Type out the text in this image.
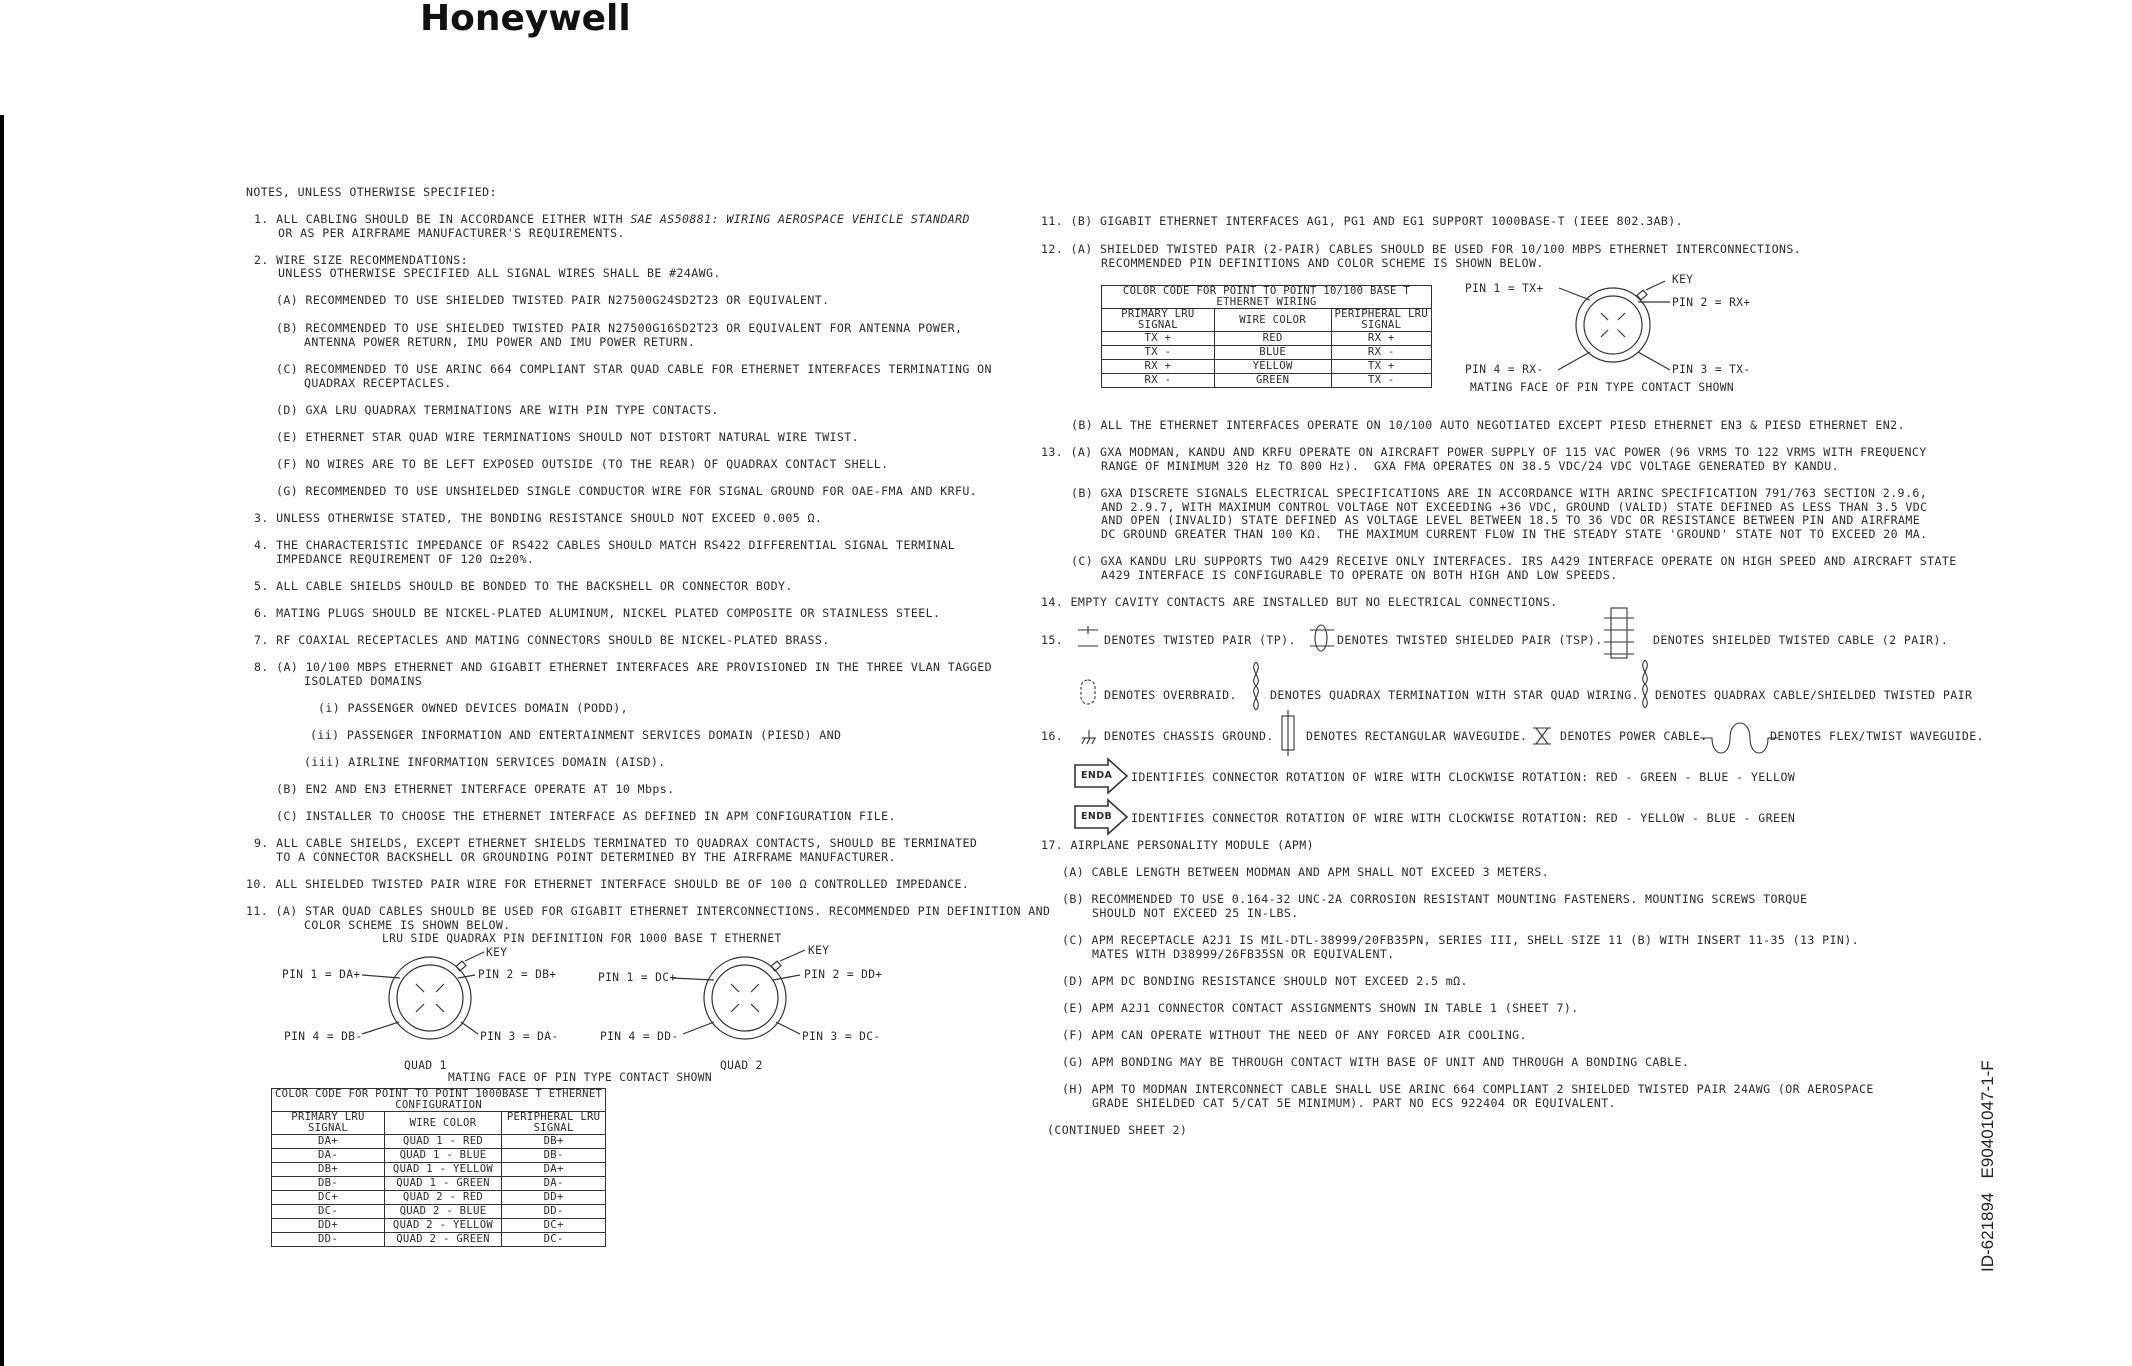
Honeywell
ID-621894   E90401047-1-F
NOTES, UNLESS OTHERWISE SPECIFIED:
1. ALL CABLING SHOULD BE IN ACCORDANCE EITHER WITH SAE AS50881: WIRING AEROSPACE VEHICLE STANDARD
OR AS PER AIRFRAME MANUFACTURER'S REQUIREMENTS.
2. WIRE SIZE RECOMMENDATIONS:
UNLESS OTHERWISE SPECIFIED ALL SIGNAL WIRES SHALL BE #24AWG.
(A) RECOMMENDED TO USE SHIELDED TWISTED PAIR N27500G24SD2T23 OR EQUIVALENT.
(B) RECOMMENDED TO USE SHIELDED TWISTED PAIR N27500G16SD2T23 OR EQUIVALENT FOR ANTENNA POWER,
ANTENNA POWER RETURN, IMU POWER AND IMU POWER RETURN.
(C) RECOMMENDED TO USE ARINC 664 COMPLIANT STAR QUAD CABLE FOR ETHERNET INTERFACES TERMINATING ON
QUADRAX RECEPTACLES.
(D) GXA LRU QUADRAX TERMINATIONS ARE WITH PIN TYPE CONTACTS.
(E) ETHERNET STAR QUAD WIRE TERMINATIONS SHOULD NOT DISTORT NATURAL WIRE TWIST.
(F) NO WIRES ARE TO BE LEFT EXPOSED OUTSIDE (TO THE REAR) OF QUADRAX CONTACT SHELL.
(G) RECOMMENDED TO USE UNSHIELDED SINGLE CONDUCTOR WIRE FOR SIGNAL GROUND FOR OAE-FMA AND KRFU.
3. UNLESS OTHERWISE STATED, THE BONDING RESISTANCE SHOULD NOT EXCEED 0.005 Ω.
4. THE CHARACTERISTIC IMPEDANCE OF RS422 CABLES SHOULD MATCH RS422 DIFFERENTIAL SIGNAL TERMINAL
IMPEDANCE REQUIREMENT OF 120 Ω±20%.
5. ALL CABLE SHIELDS SHOULD BE BONDED TO THE BACKSHELL OR CONNECTOR BODY.
6. MATING PLUGS SHOULD BE NICKEL-PLATED ALUMINUM, NICKEL PLATED COMPOSITE OR STAINLESS STEEL.
7. RF COAXIAL RECEPTACLES AND MATING CONNECTORS SHOULD BE NICKEL-PLATED BRASS.
8. (A) 10/100 MBPS ETHERNET AND GIGABIT ETHERNET INTERFACES ARE PROVISIONED IN THE THREE VLAN TAGGED
ISOLATED DOMAINS
(i) PASSENGER OWNED DEVICES DOMAIN (PODD),
(ii) PASSENGER INFORMATION AND ENTERTAINMENT SERVICES DOMAIN (PIESD) AND
(iii) AIRLINE INFORMATION SERVICES DOMAIN (AISD).
(B) EN2 AND EN3 ETHERNET INTERFACE OPERATE AT 10 Mbps.
(C) INSTALLER TO CHOOSE THE ETHERNET INTERFACE AS DEFINED IN APM CONFIGURATION FILE.
9. ALL CABLE SHIELDS, EXCEPT ETHERNET SHIELDS TERMINATED TO QUADRAX CONTACTS, SHOULD BE TERMINATED
TO A CONNECTOR BACKSHELL OR GROUNDING POINT DETERMINED BY THE AIRFRAME MANUFACTURER.
10. ALL SHIELDED TWISTED PAIR WIRE FOR ETHERNET INTERFACE SHOULD BE OF 100 Ω CONTROLLED IMPEDANCE.
11. (A) STAR QUAD CABLES SHOULD BE USED FOR GIGABIT ETHERNET INTERCONNECTIONS. RECOMMENDED PIN DEFINITION AND
COLOR SCHEME IS SHOWN BELOW.
LRU SIDE QUADRAX PIN DEFINITION FOR 1000 BASE T ETHERNET
KEY
PIN 1 = DA+	PIN 2 = DB+
PIN 4 = DB-	PIN 3 = DA-
QUAD 1
KEY
PIN 1 = DC+	PIN 2 = DD+
PIN 4 = DD-	PIN 3 = DC-
QUAD 2
MATING FACE OF PIN TYPE CONTACT SHOWN
COLOR CODE FOR POINT TO POINT 1000BASE T ETHERNET
CONFIGURATION		
PRIMARY LRU
SIGNAL	WIRE COLOR	PERIPHERAL LRU
SIGNAL
DA+	QUAD 1 - RED	DB+
DA-	QUAD 1 - BLUE	DB-
DB+	QUAD 1 - YELLOW	DA+
DB-	QUAD 1 - GREEN	DA-
DC+	QUAD 2 - RED	DD+
DC-	QUAD 2 - BLUE	DD-
DD+	QUAD 2 - YELLOW	DC+
DD-	QUAD 2 - GREEN	DC-
11. (B) GIGABIT ETHERNET INTERFACES AG1, PG1 AND EG1 SUPPORT 1000BASE-T (IEEE 802.3AB).
12. (A) SHIELDED TWISTED PAIR (2-PAIR) CABLES SHOULD BE USED FOR 10/100 MBPS ETHERNET INTERCONNECTIONS.
RECOMMENDED PIN DEFINITIONS AND COLOR SCHEME IS SHOWN BELOW.
COLOR CODE FOR POINT TO POINT 10/100 BASE T
ETHERNET WIRING		
PRIMARY LRU
SIGNAL	WIRE COLOR	PERIPHERAL LRU
SIGNAL
TX +	RED	RX +
TX -	BLUE	RX -
RX +	YELLOW	TX +
RX -	GREEN	TX -
KEY
PIN 1 = TX+
PIN 2 = RX+
PIN 4 = RX-	PIN 3 = TX-
MATING FACE OF PIN TYPE CONTACT SHOWN
(B) ALL THE ETHERNET INTERFACES OPERATE ON 10/100 AUTO NEGOTIATED EXCEPT PIESD ETHERNET EN3 & PIESD ETHERNET EN2.
13. (A) GXA MODMAN, KANDU AND KRFU OPERATE ON AIRCRAFT POWER SUPPLY OF 115 VAC POWER (96 VRMS TO 122 VRMS WITH FREQUENCY
RANGE OF MINIMUM 320 Hz TO 800 Hz).  GXA FMA OPERATES ON 38.5 VDC/24 VDC VOLTAGE GENERATED BY KANDU.
(B) GXA DISCRETE SIGNALS ELECTRICAL SPECIFICATIONS ARE IN ACCORDANCE WITH ARINC SPECIFICATION 791/763 SECTION 2.9.6,
AND 2.9.7, WITH MAXIMUM CONTROL VOLTAGE NOT EXCEEDING +36 VDC, GROUND (VALID) STATE DEFINED AS LESS THAN 3.5 VDC
AND OPEN (INVALID) STATE DEFINED AS VOLTAGE LEVEL BETWEEN 18.5 TO 36 VDC OR RESISTANCE BETWEEN PIN AND AIRFRAME
DC GROUND GREATER THAN 100 KΩ.  THE MAXIMUM CURRENT FLOW IN THE STEADY STATE 'GROUND' STATE NOT TO EXCEED 20 MA.
(C) GXA KANDU LRU SUPPORTS TWO A429 RECEIVE ONLY INTERFACES. IRS A429 INTERFACE OPERATE ON HIGH SPEED AND AIRCRAFT STATE
A429 INTERFACE IS CONFIGURABLE TO OPERATE ON BOTH HIGH AND LOW SPEEDS.
14. EMPTY CAVITY CONTACTS ARE INSTALLED BUT NO ELECTRICAL CONNECTIONS.
ENDA
ENDB
15.	DENOTES TWISTED PAIR (TP).	DENOTES TWISTED SHIELDED PAIR (TSP).	DENOTES SHIELDED TWISTED CABLE (2 PAIR).
DENOTES OVERBRAID.	DENOTES QUADRAX TERMINATION WITH STAR QUAD WIRING. DENOTES QUADRAX CABLE/SHIELDED TWISTED PAIR
16.	DENOTES CHASSIS GROUND.	DENOTES RECTANGULAR WAVEGUIDE.	DENOTES POWER CABLE.	DENOTES FLEX/TWIST WAVEGUIDE.
IDENTIFIES CONNECTOR ROTATION OF WIRE WITH CLOCKWISE ROTATION: RED - GREEN - BLUE - YELLOW
IDENTIFIES CONNECTOR ROTATION OF WIRE WITH CLOCKWISE ROTATION: RED - YELLOW - BLUE - GREEN
17. AIRPLANE PERSONALITY MODULE (APM)
(A) CABLE LENGTH BETWEEN MODMAN AND APM SHALL NOT EXCEED 3 METERS.
(B) RECOMMENDED TO USE 0.164-32 UNC-2A CORROSION RESISTANT MOUNTING FASTENERS. MOUNTING SCREWS TORQUE
SHOULD NOT EXCEED 25 IN-LBS.
(C) APM RECEPTACLE A2J1 IS MIL-DTL-38999/20FB35PN, SERIES III, SHELL SIZE 11 (B) WITH INSERT 11-35 (13 PIN).
MATES WITH D38999/26FB35SN OR EQUIVALENT.
(D) APM DC BONDING RESISTANCE SHOULD NOT EXCEED 2.5 mΩ.
(E) APM A2J1 CONNECTOR CONTACT ASSIGNMENTS SHOWN IN TABLE 1 (SHEET 7).
(F) APM CAN OPERATE WITHOUT THE NEED OF ANY FORCED AIR COOLING.
(G) APM BONDING MAY BE THROUGH CONTACT WITH BASE OF UNIT AND THROUGH A BONDING CABLE.
(H) APM TO MODMAN INTERCONNECT CABLE SHALL USE ARINC 664 COMPLIANT 2 SHIELDED TWISTED PAIR 24AWG (OR AEROSPACE
GRADE SHIELDED CAT 5/CAT 5E MINIMUM). PART NO ECS 922404 OR EQUIVALENT.
(CONTINUED SHEET 2)
